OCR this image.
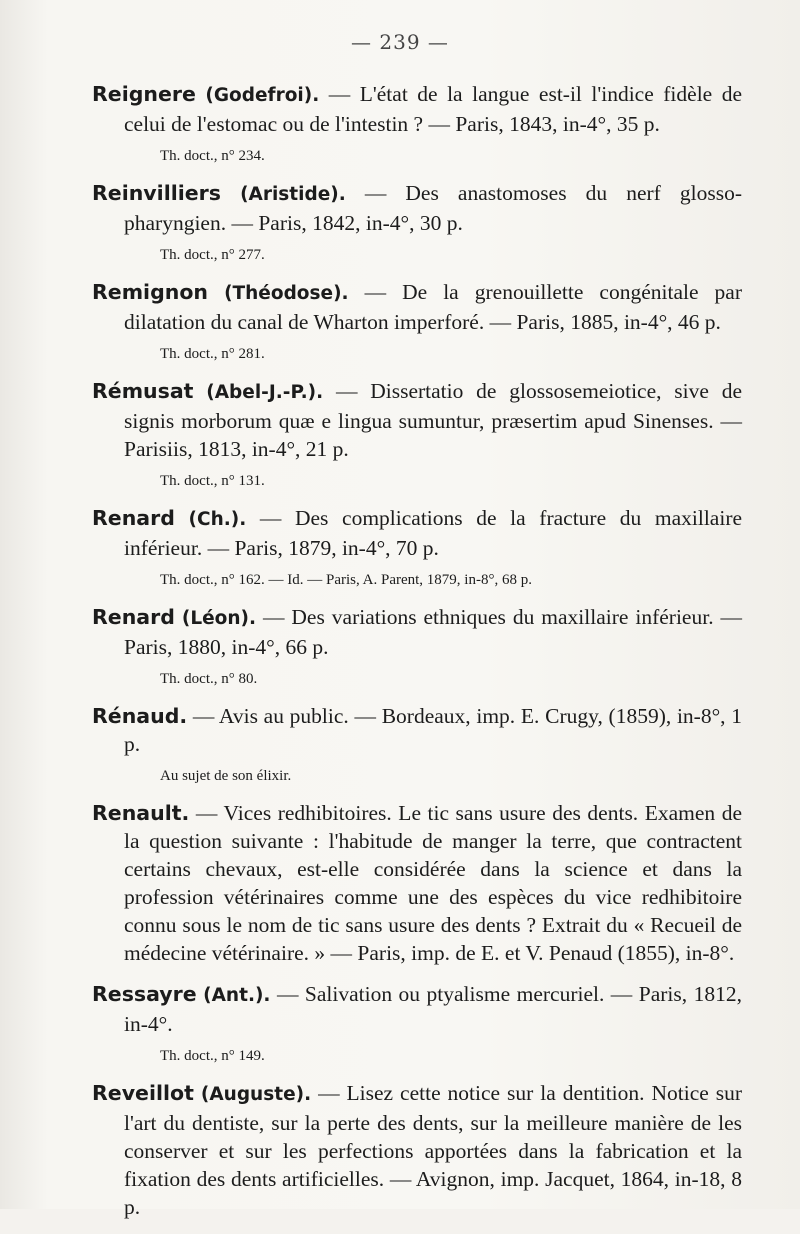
— 239 —
Reignere (Godefroi). — L'état de la langue est-il l'indice fidèle de celui de l'estomac ou de l'intestin ? — Paris, 1843, in-4°, 35 p.
Th. doct., n° 234.
Reinvilliers (Aristide). — Des anastomoses du nerf glosso-pharyngien. — Paris, 1842, in-4°, 30 p.
Th. doct., n° 277.
Remignon (Théodose). — De la grenouillette congénitale par dilatation du canal de Wharton imperforé. — Paris, 1885, in-4°, 46 p.
Th. doct., n° 281.
Rémusat (Abel-J.-P.). — Dissertatio de glossosemeiotice, sive de signis morborum quæ e lingua sumuntur, præsertim apud Sinenses. — Parisiis, 1813, in-4°, 21 p.
Th. doct., n° 131.
Renard (Ch.). — Des complications de la fracture du maxillaire inférieur. — Paris, 1879, in-4°, 70 p.
Th. doct., n° 162. — Id. — Paris, A. Parent, 1879, in-8°, 68 p.
Renard (Léon). — Des variations ethniques du maxillaire inférieur. — Paris, 1880, in-4°, 66 p.
Th. doct., n° 80.
Rénaud. — Avis au public. — Bordeaux, imp. E. Crugy, (1859), in-8°, 1 p.
Au sujet de son élixir.
Renault. — Vices redhibitoires. Le tic sans usure des dents. Examen de la question suivante : l'habitude de manger la terre, que contractent certains chevaux, est-elle considérée dans la science et dans la profession vétérinaires comme une des espèces du vice redhibitoire connu sous le nom de tic sans usure des dents ? Extrait du « Recueil de médecine vétérinaire. » — Paris, imp. de E. et V. Penaud (1855), in-8°.
Ressayre (Ant.). — Salivation ou ptyalisme mercuriel. — Paris, 1812, in-4°.
Th. doct., n° 149.
Reveillot (Auguste). — Lisez cette notice sur la dentition. Notice sur l'art du dentiste, sur la perte des dents, sur la meilleure manière de les conserver et sur les perfections apportées dans la fabrication et la fixation des dents artificielles. — Avignon, imp. Jacquet, 1864, in-18, 8 p.
